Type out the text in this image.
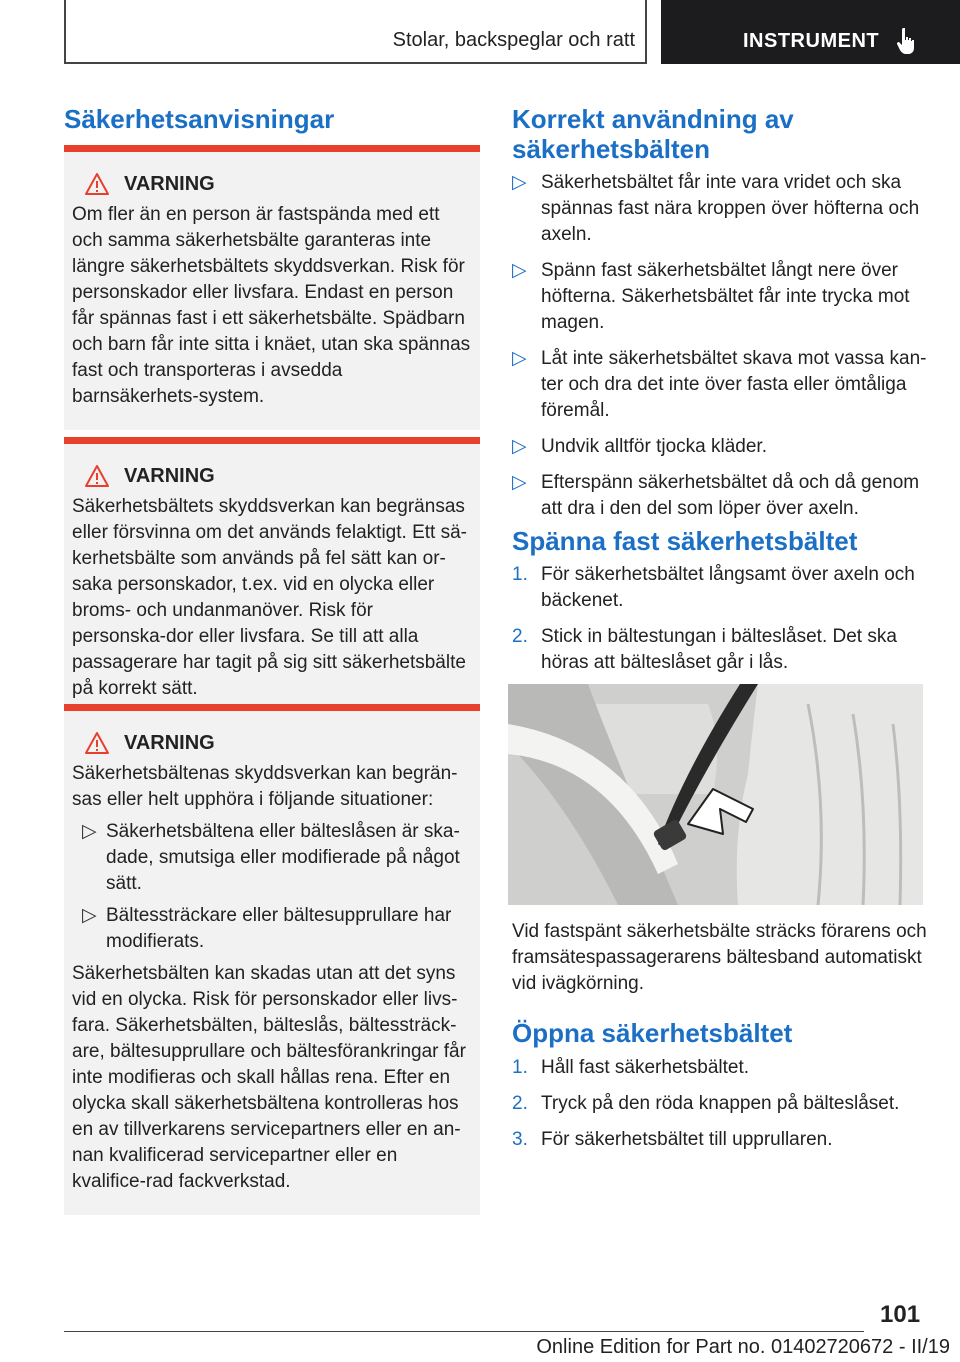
Stolar, backspeglar och ratt	INSTRUMENT
Säkerhetsanvisningar
VARNING

Om fler än en person är fastspända med ett och samma säkerhetsbälte garanteras inte längre säkerhetsbältets skyddsverkan. Risk för personskador eller livsfara. Endast en person får spännas fast i ett säkerhetsbälte. Spädbarn och barn får inte sitta i knäet, utan ska spännas fast och transporteras i avsedda barnsäkerhets-system.

VARNING

Säkerhetsbältets skyddsverkan kan begränsas eller försvinna om det används felaktigt. Ett sä-kerhetsbälte som används på fel sätt kan or-saka personskador, t.ex. vid en olycka eller broms- och undanmanöver. Risk för personska-dor eller livsfara. Se till att alla passagerare har tagit på sig sitt säkerhetsbälte på korrekt sätt.

VARNING

Säkerhetsbältenas skyddsverkan kan begrän-sas eller helt upphöra i följande situationer:

▷ Säkerhetsbältena eller bälteslåsen är ska-dade, smutsiga eller modifierade på något sätt.
▷ Bältessträckare eller bältesupprullare har modifierats.

Säkerhetsbälten kan skadas utan att det syns vid en olycka. Risk för personskador eller livs-fara. Säkerhetsbälten, bälteslås, bältessträck-are, bältesupprullare och bältesförankringar får inte modifieras och skall hållas rena. Efter en olycka skall säkerhetsbältena kontrolleras hos en av tillverkarens servicepartners eller en an-nan kvalificerad servicepartner eller en kvalifice-rad fackverkstad.

Korrekt användning av säkerhetsbälten
▷ Säkerhetsbältet får inte vara vridet och ska spännas fast nära kroppen över höfterna och axeln.
▷ Spänn fast säkerhetsbältet långt nere över höfterna. Säkerhetsbältet får inte trycka mot magen.
▷ Låt inte säkerhetsbältet skava mot vassa kan-ter och dra det inte över fasta eller ömtåliga föremål.
▷ Undvik alltför tjocka kläder.
▷ Efterspänn säkerhetsbältet då och då genom att dra i den del som löper över axeln.
Spänna fast säkerhetsbältet
1. För säkerhetsbältet långsamt över axeln och bäckenet.
2. Stick in bältestungan i bälteslåset. Det ska höras att bälteslåset går i lås.

Vid fastspänt säkerhetsbälte sträcks förarens och framsätespassagerarens bältesband automatiskt vid ivägkörning.

Öppna säkerhetsbältet
1. Håll fast säkerhetsbältet.
2. Tryck på den röda knappen på bälteslåset.
3. För säkerhetsbältet till upprullaren.
101
Online Edition for Part no. 01402720672 - II/19
